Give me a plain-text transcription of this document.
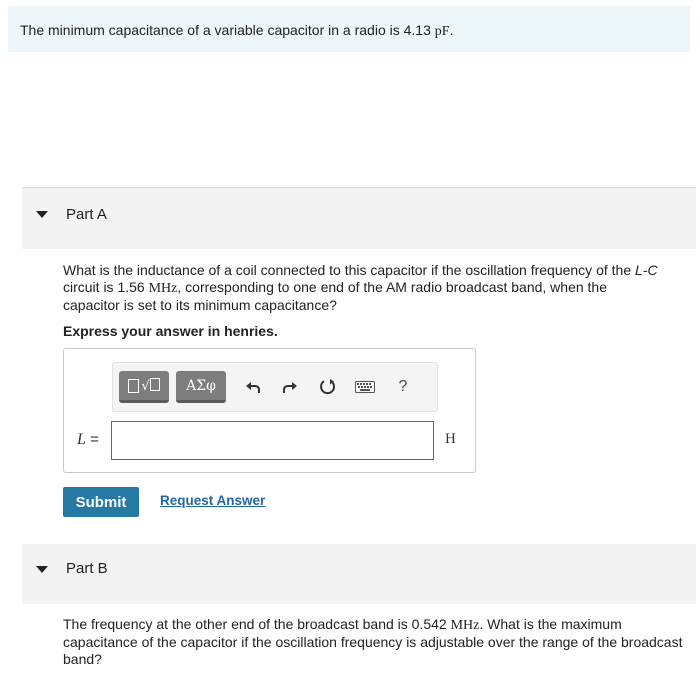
The minimum capacitance of a variable capacitor in a radio is 4.13 pF.
Part A
What is the inductance of a coil connected to this capacitor if the oscillation frequency of the L-C circuit is 1.56 MHz, corresponding to one end of the AM radio broadcast band, when the capacitor is set to its minimum capacitance?
Express your answer in henries.
√	ΑΣφ	?
L =	H
Submit	Request Answer
Part B
The frequency at the other end of the broadcast band is 0.542 MHz. What is the maximum capacitance of the capacitor if the oscillation frequency is adjustable over the range of the broadcast band?
